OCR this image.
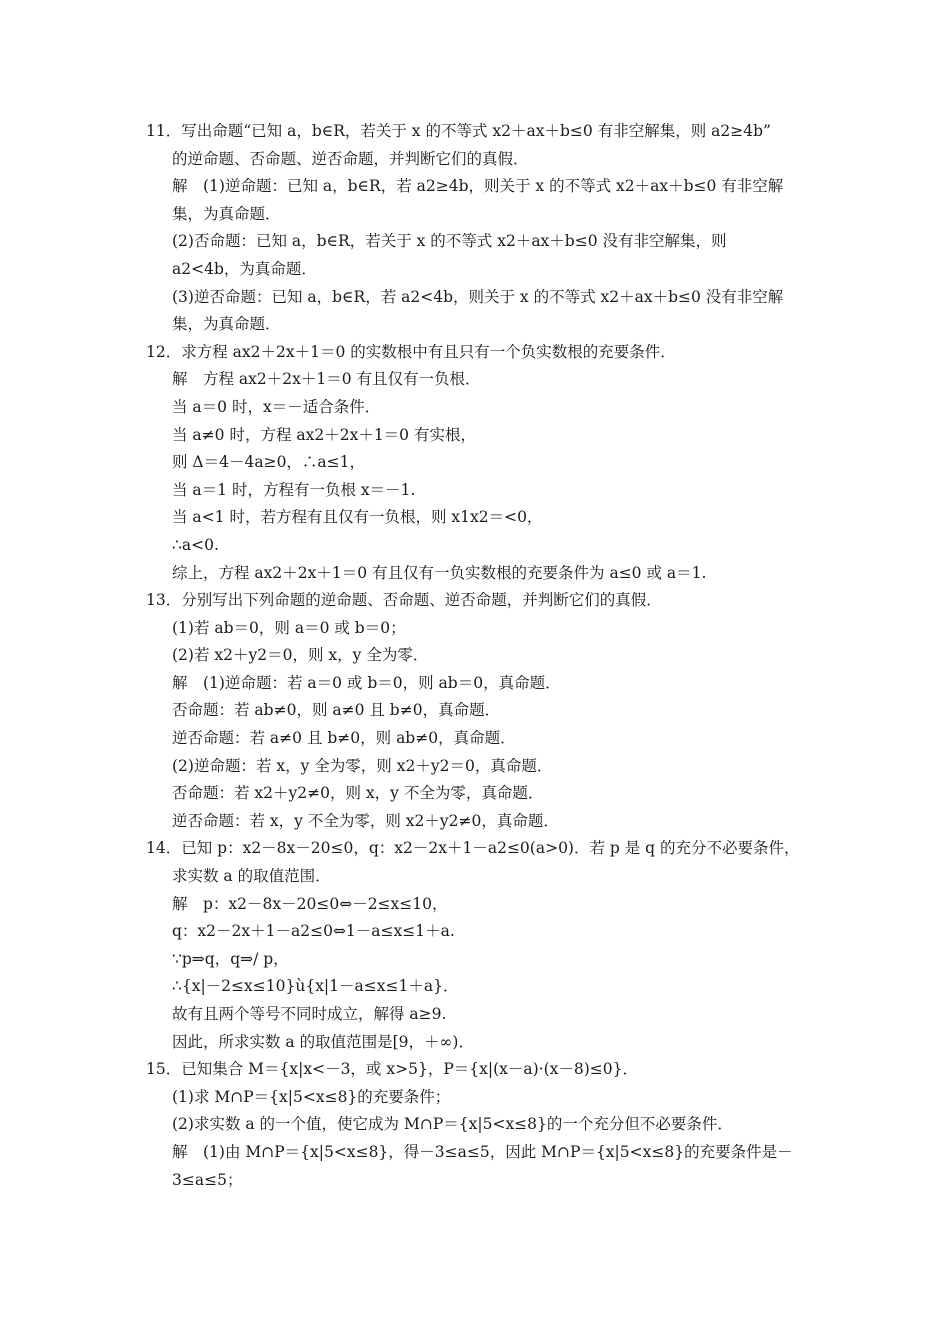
11．写出命题“已知 a，b∈R，若关于 x 的不等式 x2＋ax＋b≤0 有非空解集，则 a2≥4b”
的逆命题、否命题、逆否命题，并判断它们的真假．
解　(1)逆命题：已知 a，b∈R，若 a2≥4b，则关于 x 的不等式 x2＋ax＋b≤0 有非空解
集，为真命题．
(2)否命题：已知 a，b∈R，若关于 x 的不等式 x2＋ax＋b≤0 没有非空解集，则
a2<4b，为真命题．
(3)逆否命题：已知 a，b∈R，若 a2<4b，则关于 x 的不等式 x2＋ax＋b≤0 没有非空解
集，为真命题．
12．求方程 ax2＋2x＋1＝0 的实数根中有且只有一个负实数根的充要条件．
解　方程 ax2＋2x＋1＝0 有且仅有一负根．
当 a＝0 时，x＝－适合条件．
当 a≠0 时，方程 ax2＋2x＋1＝0 有实根，
则 Δ＝4－4a≥0，∴a≤1，
当 a＝1 时，方程有一负根 x＝－1.
当 a<1 时，若方程有且仅有一负根，则 x1x2＝<0，
∴a<0.
综上，方程 ax2＋2x＋1＝0 有且仅有一负实数根的充要条件为 a≤0 或 a＝1.
13．分别写出下列命题的逆命题、否命题、逆否命题，并判断它们的真假．
(1)若 ab＝0，则 a＝0 或 b＝0；
(2)若 x2＋y2＝0，则 x，y 全为零．
解　(1)逆命题：若 a＝0 或 b＝0，则 ab＝0，真命题．
否命题：若 ab≠0，则 a≠0 且 b≠0，真命题．
逆否命题：若 a≠0 且 b≠0，则 ab≠0，真命题．
(2)逆命题：若 x，y 全为零，则 x2＋y2＝0，真命题．
否命题：若 x2＋y2≠0，则 x，y 不全为零，真命题．
逆否命题：若 x，y 不全为零，则 x2＋y2≠0，真命题．
14．已知 p：x2－8x－20≤0，q：x2－2x＋1－a2≤0(a>0)．若 p 是 q 的充分不必要条件，
求实数 a 的取值范围．
解　p：x2－8x－20≤0⇔－2≤x≤10，
q：x2－2x＋1－a2≤0⇔1－a≤x≤1＋a.
∵p⇒q，q⇒/ p，
∴{x|－2≤x≤10}ù{x|1－a≤x≤1＋a}．
故有且两个等号不同时成立，解得 a≥9.
因此，所求实数 a 的取值范围是[9，＋∞)．
15．已知集合 M＝{x|x<－3，或 x>5}，P＝{x|(x－a)·(x－8)≤0}．
(1)求 M∩P＝{x|5<x≤8}的充要条件；
(2)求实数 a 的一个值，使它成为 M∩P＝{x|5<x≤8}的一个充分但不必要条件．
解　(1)由 M∩P＝{x|5<x≤8}，得－3≤a≤5，因此 M∩P＝{x|5<x≤8}的充要条件是－
3≤a≤5；
